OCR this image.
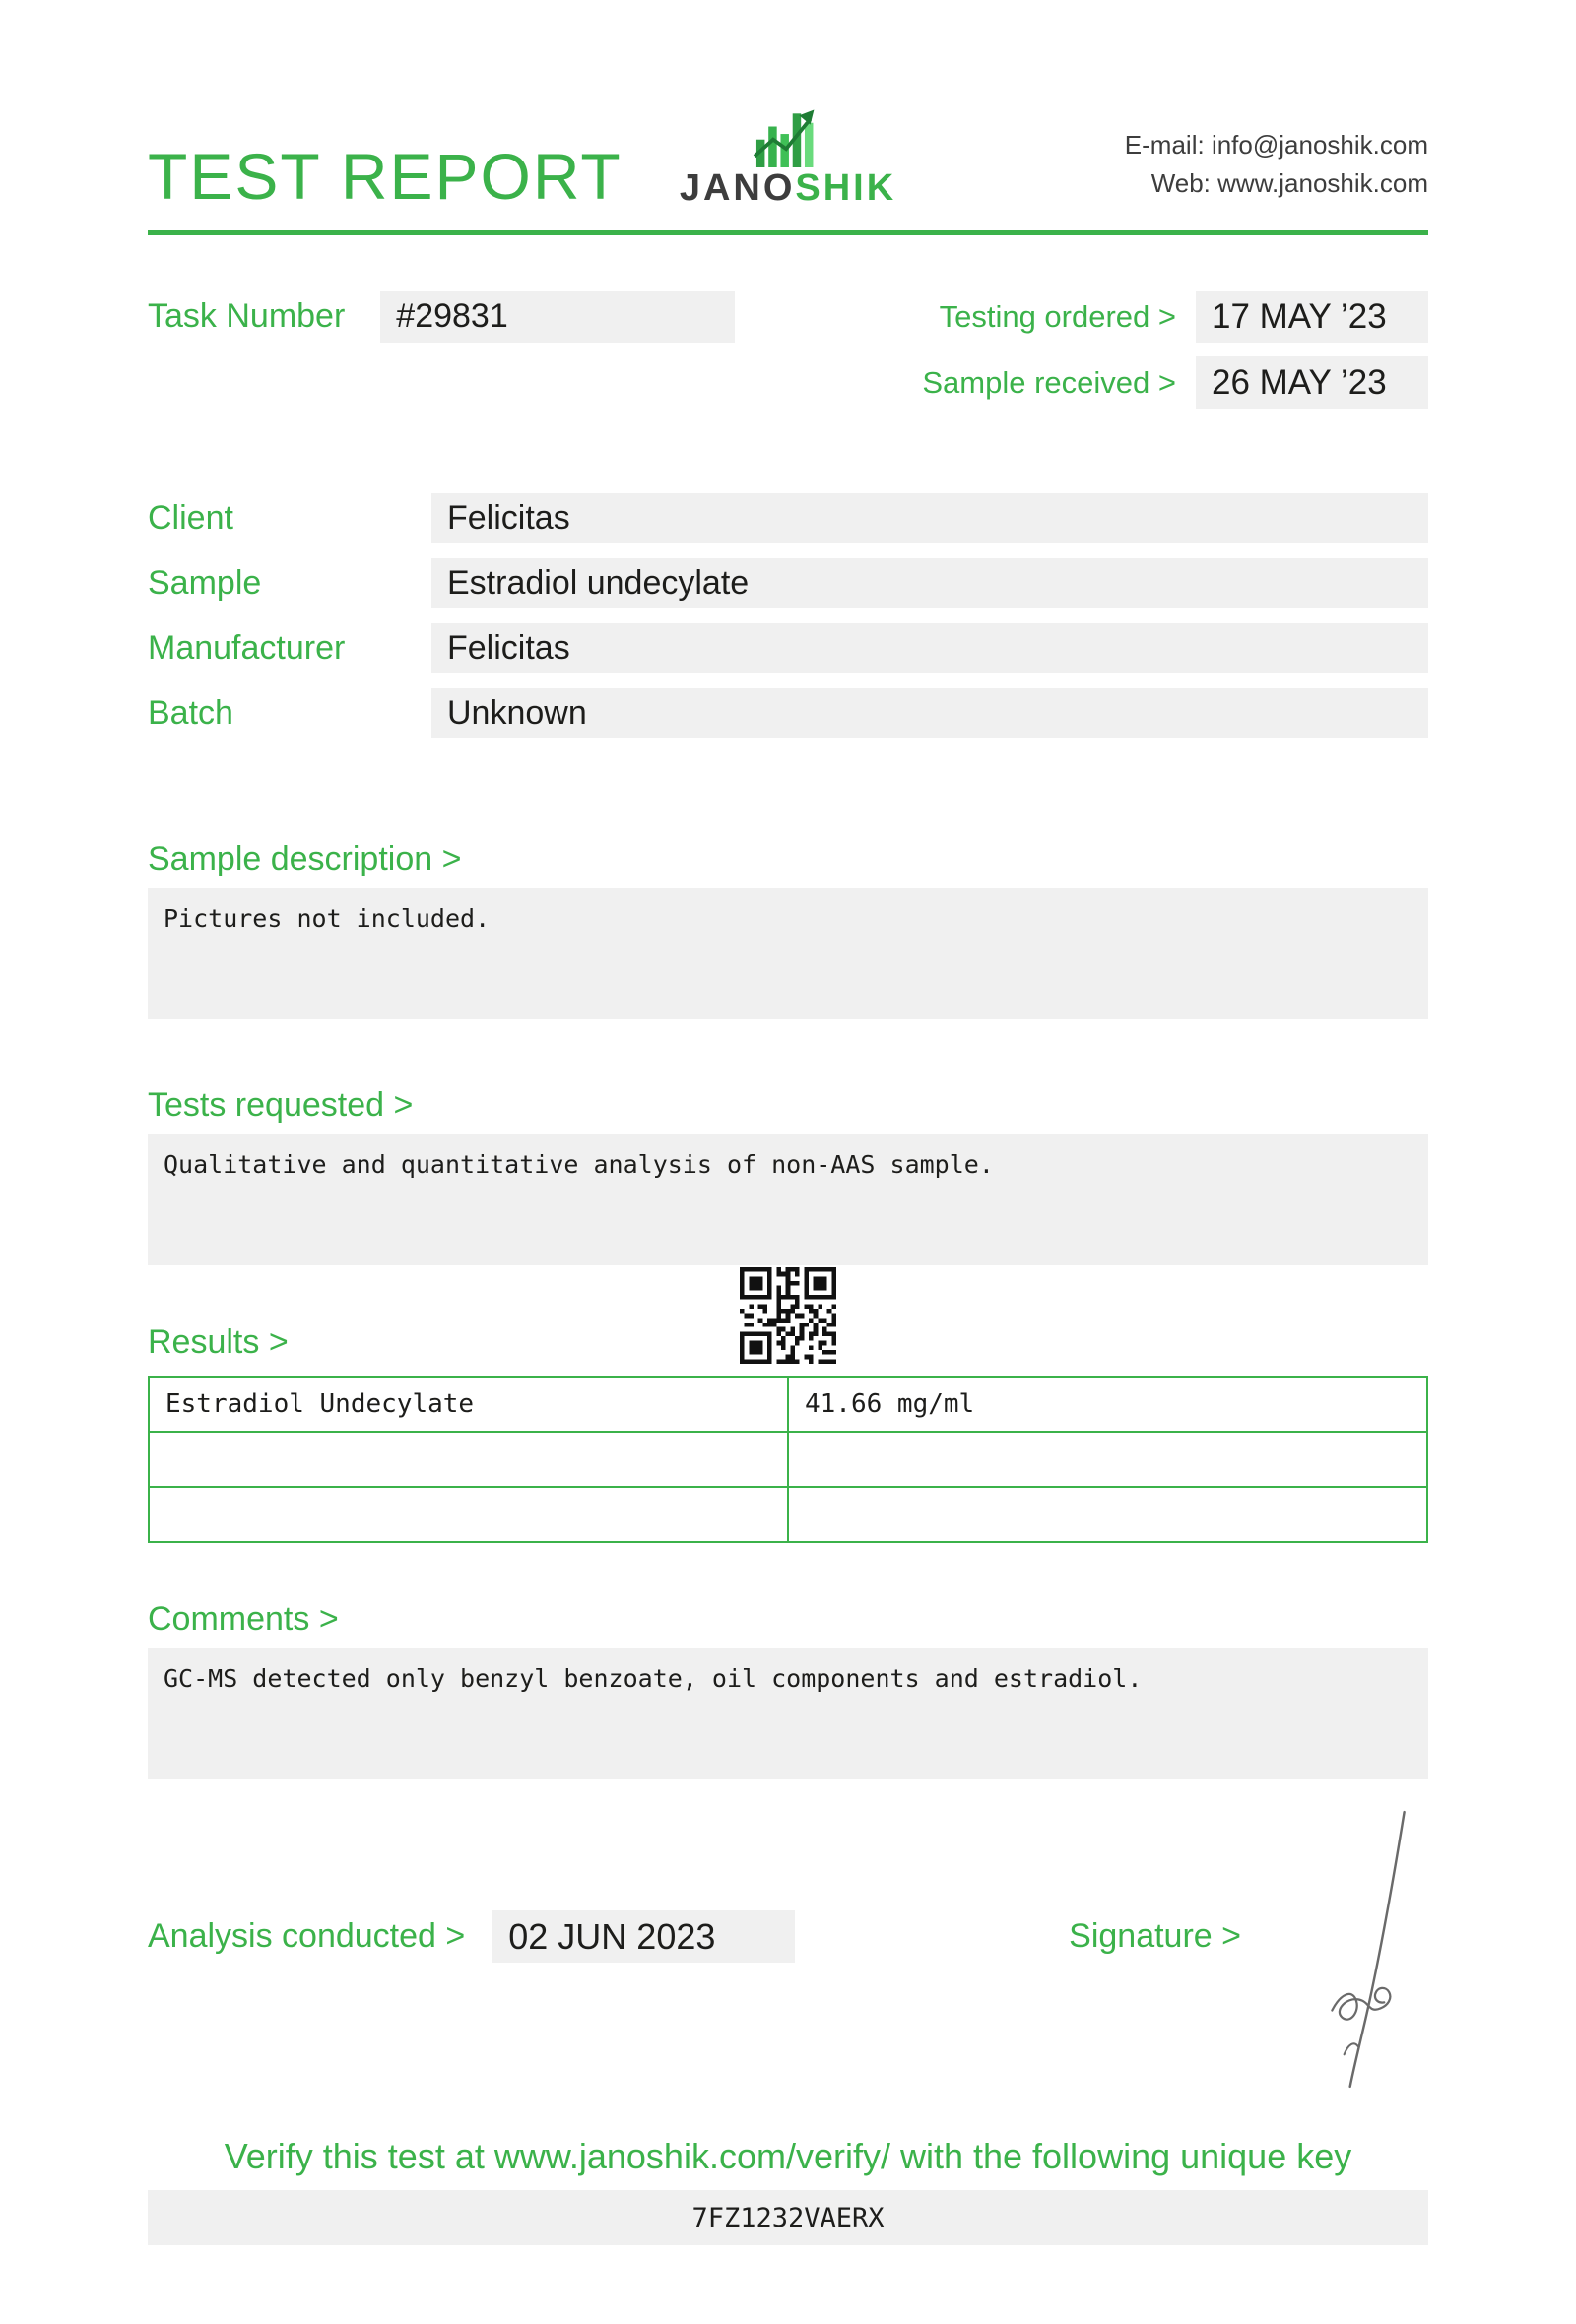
TEST REPORT	JANOSHIK
E-mail: info@janoshik.com
Web: www.janoshik.com
Task Number	#29831	Testing ordered >	17 MAY ’23
Sample received >	26 MAY ’23
Client	Felicitas
Sample	Estradiol undecylate
Manufacturer	Felicitas
Batch	Unknown
Sample description >
Pictures not included.
Tests requested >
Qualitative and quantitative analysis of non-AAS sample.
Results >
Estradiol Undecylate	41.66 mg/ml

Comments >
GC-MS detected only benzyl benzoate, oil components and estradiol.
Analysis conducted >	02 JUN 2023	Signature >
Verify this test at www.janoshik.com/verify/ with the following unique key
7FZ1232VAERX
